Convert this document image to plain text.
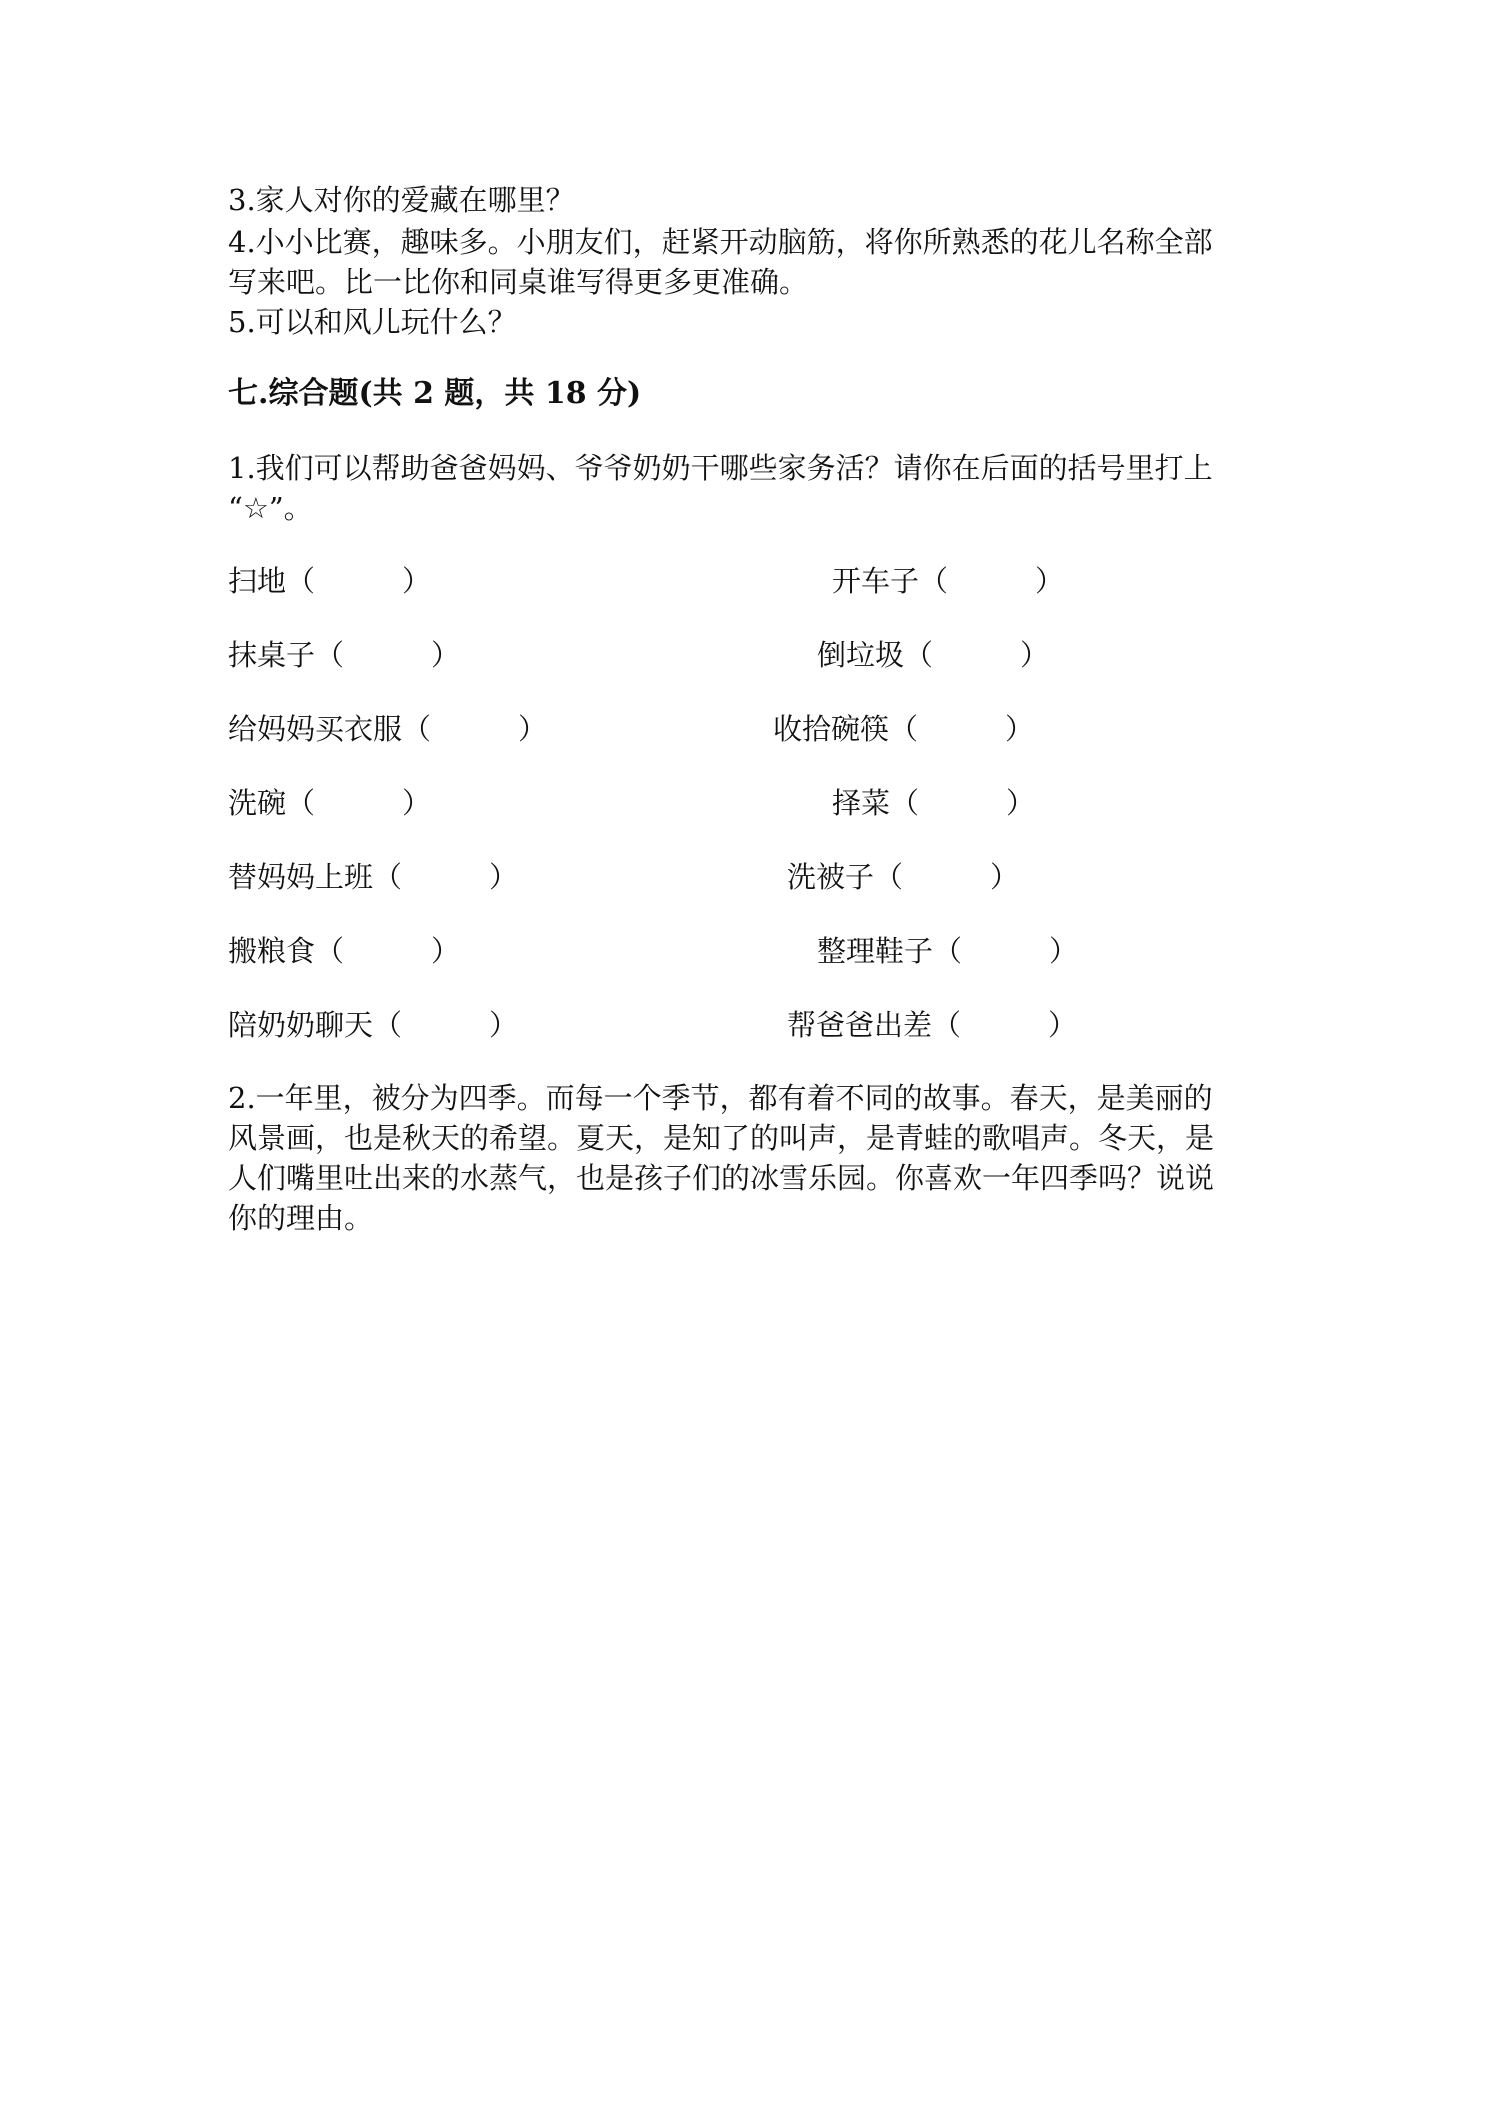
3.家人对你的爱藏在哪里？
4.小小比赛，趣味多。小朋友们，赶紧开动脑筋，将你所熟悉的花儿名称全部
写来吧。比一比你和同桌谁写得更多更准确。
5.可以和风儿玩什么？
七.综合题(共 2 题，共 18 分)
1.我们可以帮助爸爸妈妈、爷爷奶奶干哪些家务活？请你在后面的括号里打上
“☆”。
扫地（　　　）	开车子（　　　）
抹桌子（　　　）	倒垃圾（　　　）
给妈妈买衣服（　　　）	收拾碗筷（　　　）
洗碗（　　　）	择菜（　　　）
替妈妈上班（　　　）	洗被子（　　　）
搬粮食（　　　）	整理鞋子（　　　）
陪奶奶聊天（　　　）	帮爸爸出差（　　　）
2.一年里，被分为四季。而每一个季节，都有着不同的故事。春天，是美丽的
风景画，也是秋天的希望。夏天，是知了的叫声，是青蛙的歌唱声。冬天，是
人们嘴里吐出来的水蒸气，也是孩子们的冰雪乐园。你喜欢一年四季吗？说说
你的理由。
